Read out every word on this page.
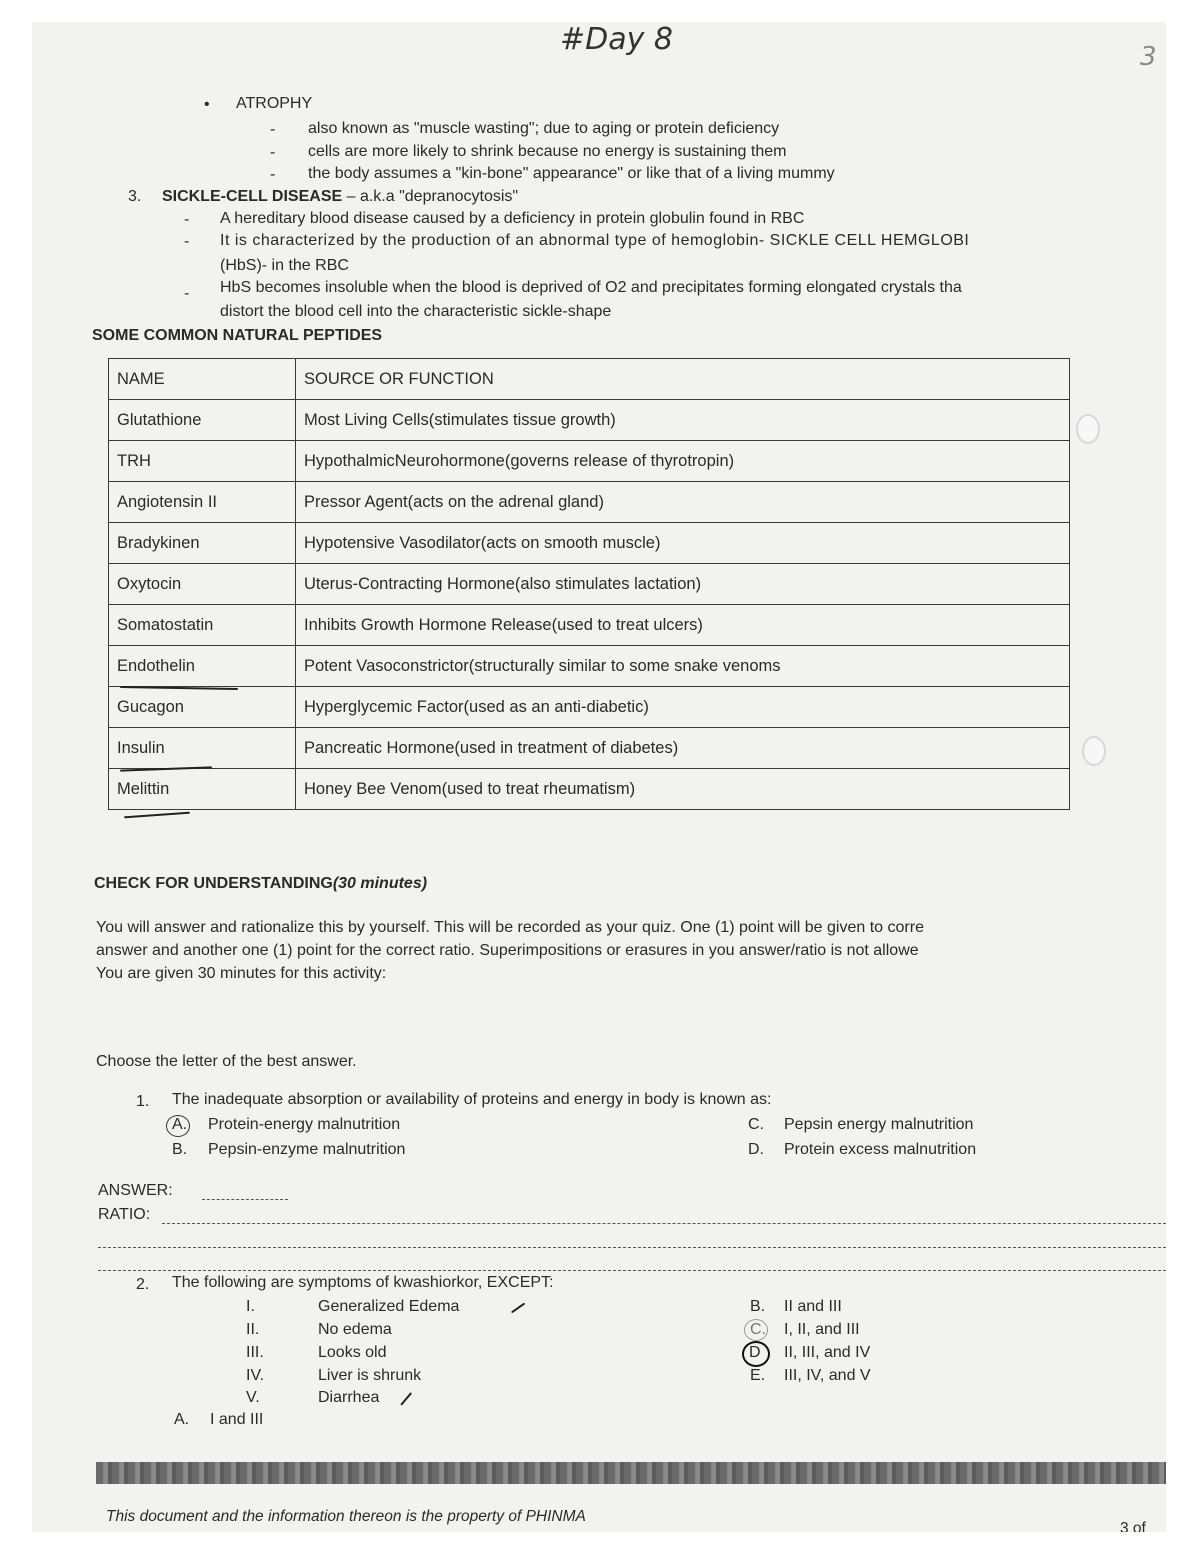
#Day 8	3
• ATROPHY
- also known as "muscle wasting"; due to aging or protein deficiency
- cells are more likely to shrink because no energy is sustaining them
- the body assumes a "kin-bone" appearance" or like that of a living mummy
3. SICKLE-CELL DISEASE – a.k.a "depranocytosis"
- A hereditary blood disease caused by a deficiency in protein globulin found in RBC
- It is characterized by the production of an abnormal type of hemoglobin- SICKLE CELL HEMGLOBI
(HbS)- in the RBC
- HbS becomes insoluble when the blood is deprived of O2 and precipitates forming elongated crystals tha
distort the blood cell into the characteristic sickle-shape
SOME COMMON NATURAL PEPTIDES
NAME	SOURCE OR FUNCTION
Glutathione	Most Living Cells(stimulates tissue growth)
TRH	HypothalmicNeurohormone(governs release of thyrotropin)
Angiotensin II	Pressor Agent(acts on the adrenal gland)
Bradykinen	Hypotensive Vasodilator(acts on smooth muscle)
Oxytocin	Uterus-Contracting Hormone(also stimulates lactation)
Somatostatin	Inhibits Growth Hormone Release(used to treat ulcers)
Endothelin	Potent Vasoconstrictor(structurally similar to some snake venoms
Gucagon	Hyperglycemic Factor(used as an anti-diabetic)
Insulin	Pancreatic Hormone(used in treatment of diabetes)
Melittin	Honey Bee Venom(used to treat rheumatism)
CHECK FOR UNDERSTANDING(30 minutes)
You will answer and rationalize this by yourself. This will be recorded as your quiz. One (1) point will be given to corre
answer and another one (1) point for the correct ratio. Superimpositions or erasures in you answer/ratio is not allowe
You are given 30 minutes for this activity:
Choose the letter of the best answer.
1. The inadequate absorption or availability of proteins and energy in body is known as:
A. Protein-energy malnutrition
B. Pepsin-enzyme malnutrition
C. Pepsin energy malnutrition
D. Protein excess malnutrition
ANSWER:
RATIO:
2. The following are symptoms of kwashiorkor, EXCEPT:
I.	Generalized Edema
II.	No edema
III.	Looks old
IV.	Liver is shrunk
V.	Diarrhea
A. I and III
B. II and III
C. I, II, and III
D II, III, and IV
E. III, IV, and V
This document and the information thereon is the property of PHINMA
3 of
